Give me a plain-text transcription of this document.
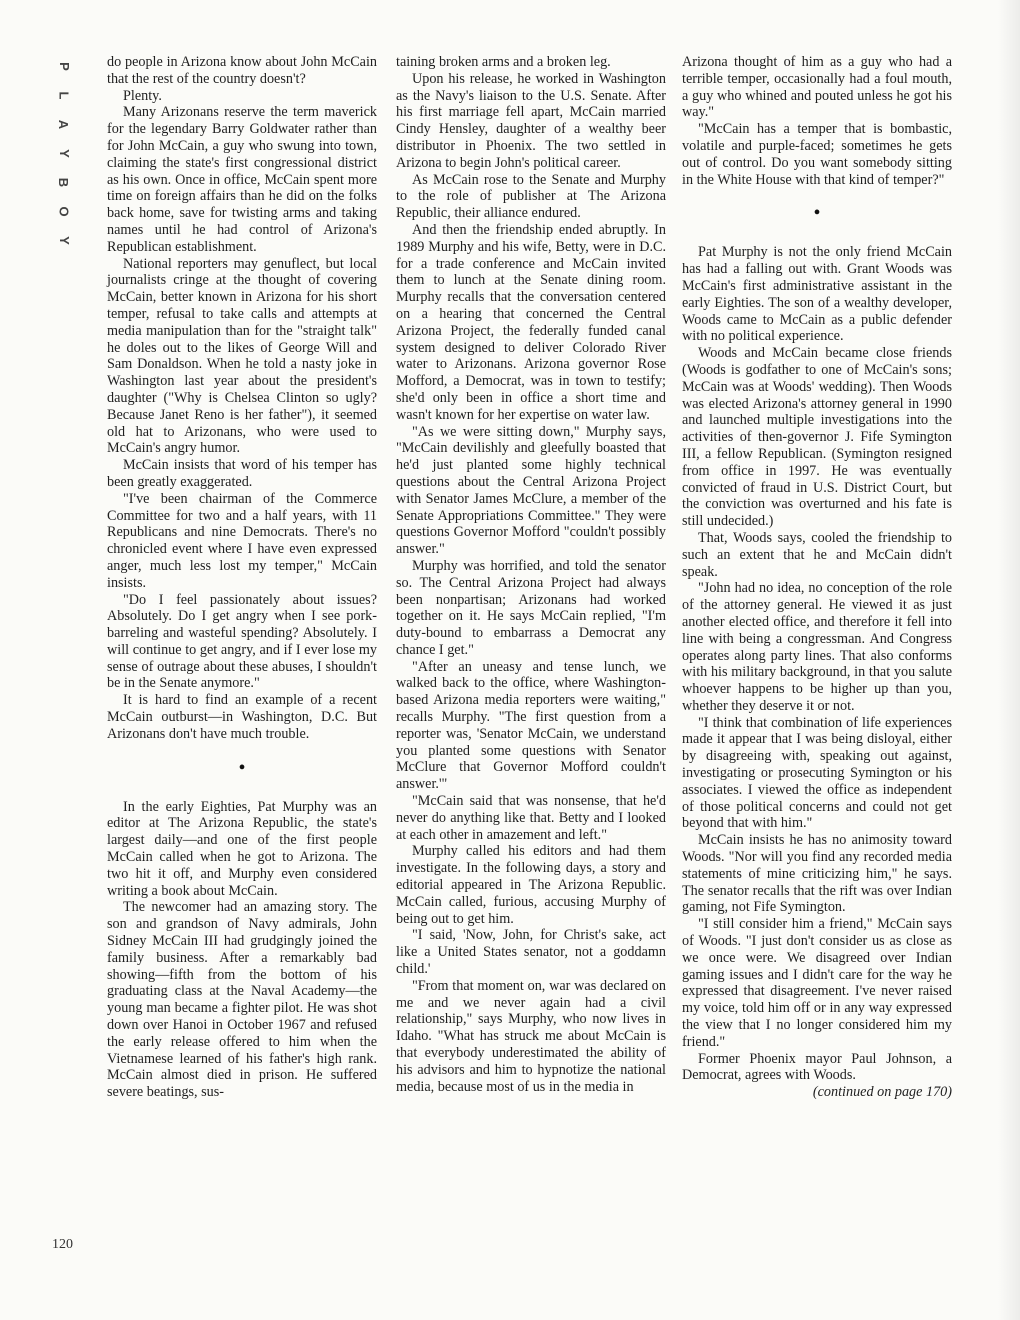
P
L
A
Y
B
O
Y

do people in Arizona know about John McCain that the rest of the country doesn't?

Plenty.

Many Arizonans reserve the term maverick for the legendary Barry Goldwater rather than for John McCain, a guy who swung into town, claiming the state's first congressional district as his own. Once in office, McCain spent more time on foreign affairs than he did on the folks back home, save for twisting arms and taking names until he had control of Arizona's Republican establishment.

National reporters may genuflect, but local journalists cringe at the thought of covering McCain, better known in Arizona for his short temper, refusal to take calls and attempts at media manipulation than for the "straight talk" he doles out to the likes of George Will and Sam Donaldson. When he told a nasty joke in Washington last year about the president's daughter ("Why is Chelsea Clinton so ugly? Because Janet Reno is her father"), it seemed old hat to Arizonans, who were used to McCain's angry humor.

McCain insists that word of his temper has been greatly exaggerated.

"I've been chairman of the Commerce Committee for two and a half years, with 11 Republicans and nine Democrats. There's no chronicled event where I have even expressed anger, much less lost my temper," McCain insists.

"Do I feel passionately about issues? Absolutely. Do I get angry when I see pork-barreling and wasteful spending? Absolutely. I will continue to get angry, and if I ever lose my sense of outrage about these abuses, I shouldn't be in the Senate anymore."

It is hard to find an example of a recent McCain outburst—in Washington, D.C. But Arizonans don't have much trouble.

•

In the early Eighties, Pat Murphy was an editor at The Arizona Republic, the state's largest daily—and one of the first people McCain called when he got to Arizona. The two hit it off, and Murphy even considered writing a book about McCain.

The newcomer had an amazing story. The son and grandson of Navy admirals, John Sidney McCain III had grudgingly joined the family business. After a remarkably bad showing—fifth from the bottom of his graduating class at the Naval Academy—the young man became a fighter pilot. He was shot down over Hanoi in October 1967 and refused the early release offered to him when the Vietnamese learned of his father's high rank. McCain almost died in prison. He suffered severe beatings, sus-

taining broken arms and a broken leg.

Upon his release, he worked in Washington as the Navy's liaison to the U.S. Senate. After his first marriage fell apart, McCain married Cindy Hensley, daughter of a wealthy beer distributor in Phoenix. The two settled in Arizona to begin John's political career.

As McCain rose to the Senate and Murphy to the role of publisher at The Arizona Republic, their alliance endured.

And then the friendship ended abruptly. In 1989 Murphy and his wife, Betty, were in D.C. for a trade conference and McCain invited them to lunch at the Senate dining room. Murphy recalls that the conversation centered on a hearing that concerned the Central Arizona Project, the federally funded canal system designed to deliver Colorado River water to Arizonans. Arizona governor Rose Mofford, a Democrat, was in town to testify; she'd only been in office a short time and wasn't known for her expertise on water law.

"As we were sitting down," Murphy says, "McCain devilishly and gleefully boasted that he'd just planted some highly technical questions about the Central Arizona Project with Senator James McClure, a member of the Senate Appropriations Committee." They were questions Governor Mofford "couldn't possibly answer."

Murphy was horrified, and told the senator so. The Central Arizona Project had always been nonpartisan; Arizonans had worked together on it. He says McCain replied, "I'm duty-bound to embarrass a Democrat any chance I get."

"After an uneasy and tense lunch, we walked back to the office, where Washington-based Arizona media reporters were waiting," recalls Murphy. "The first question from a reporter was, 'Senator McCain, we understand you planted some questions with Senator McClure that Governor Mofford couldn't answer.'"

"McCain said that was nonsense, that he'd never do anything like that. Betty and I looked at each other in amazement and left."

Murphy called his editors and had them investigate. In the following days, a story and editorial appeared in The Arizona Republic. McCain called, furious, accusing Murphy of being out to get him.

"I said, 'Now, John, for Christ's sake, act like a United States senator, not a goddamn child.'

"From that moment on, war was declared on me and we never again had a civil relationship," says Murphy, who now lives in Idaho. "What has struck me about McCain is that everybody underestimated the ability of his advisors and him to hypnotize the national media, because most of us in the media in

Arizona thought of him as a guy who had a terrible temper, occasionally had a foul mouth, a guy who whined and pouted unless he got his way."

"McCain has a temper that is bombastic, volatile and purple-faced; sometimes he gets out of control. Do you want somebody sitting in the White House with that kind of temper?"

•

Pat Murphy is not the only friend McCain has had a falling out with. Grant Woods was McCain's first administrative assistant in the early Eighties. The son of a wealthy developer, Woods came to McCain as a public defender with no political experience.

Woods and McCain became close friends (Woods is godfather to one of McCain's sons; McCain was at Woods' wedding). Then Woods was elected Arizona's attorney general in 1990 and launched multiple investigations into the activities of then-governor J. Fife Symington III, a fellow Republican. (Symington resigned from office in 1997. He was eventually convicted of fraud in U.S. District Court, but the conviction was overturned and his fate is still undecided.)

That, Woods says, cooled the friendship to such an extent that he and McCain didn't speak.

"John had no idea, no conception of the role of the attorney general. He viewed it as just another elected office, and therefore it fell into line with being a congressman. And Congress operates along party lines. That also conforms with his military background, in that you salute whoever happens to be higher up than you, whether they deserve it or not.

"I think that combination of life experiences made it appear that I was being disloyal, either by disagreeing with, speaking out against, investigating or prosecuting Symington or his associates. I viewed the office as independent of those political concerns and could not get beyond that with him."

McCain insists he has no animosity toward Woods. "Nor will you find any recorded media statements of mine criticizing him," he says. The senator recalls that the rift was over Indian gaming, not Fife Symington.

"I still consider him a friend," McCain says of Woods. "I just don't consider us as close as we once were. We disagreed over Indian gaming issues and I didn't care for the way he expressed that disagreement. I've never raised my voice, told him off or in any way expressed the view that I no longer considered him my friend."

Former Phoenix mayor Paul Johnson, a Democrat, agrees with Woods.

(continued on page 170)

120
